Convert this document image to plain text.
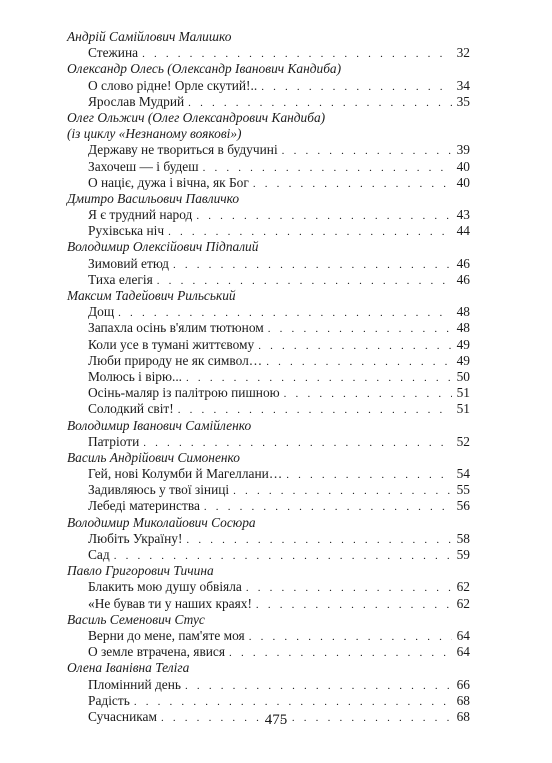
Андрій Самійлович Малишко
Стежина . . .	32
Олександр Олесь (Олександр Іванович Кандиба)
О слово рідне! Орле скутий!.. . . .	34
Ярослав Мудрий . . .	35
Олег Ольжич (Олег Олександрович Кандиба)
(із циклу «Незнаному воякові»)
Державу не твориться в будучині . . .	39
Захочеш — і будеш . . .	40
О націє, дужа і вічна, як Бог . . .	40
Дмитро Васильович Павличко
Я є трудний народ . . .	43
Рухівська ніч . . .	44
Володимир Олексійович Підпалий
Зимовий етюд . . .	46
Тиха елегія . . .	46
Максим Тадейович Рильський
Дощ . . .	48
Запахла осінь в'ялим тютюном . . .	48
Коли усе в тумані життєвому . . .	49
Люби природу не як символ… . . .	49
Молюсь і вірю... . . .	50
Осінь-маляр із палітрою пишною . . .	51
Солодкий світ! . . .	51
Володимир Іванович Самійленко
Патріоти . . .	52
Василь Андрійович Симоненко
Гей, нові Колумби й Магеллани… . . .	54
Задивляюсь у твої зіниці . . .	55
Лебеді материнства . . .	56
Володимир Миколайович Сосюра
Любіть Україну! . . .	58
Сад . . .	59
Павло Григорович Тичина
Блакить мою душу обвіяла . . .	62
«Не бував ти у наших краях! . . .	62
Василь Семенович Стус
Верни до мене, пам'яте моя . . .	64
О земле втрачена, явися . . .	64
Олена Іванівна Теліга
Пломінний день . . .	66
Радість . . .	68
Сучасникам . . .	68
475
